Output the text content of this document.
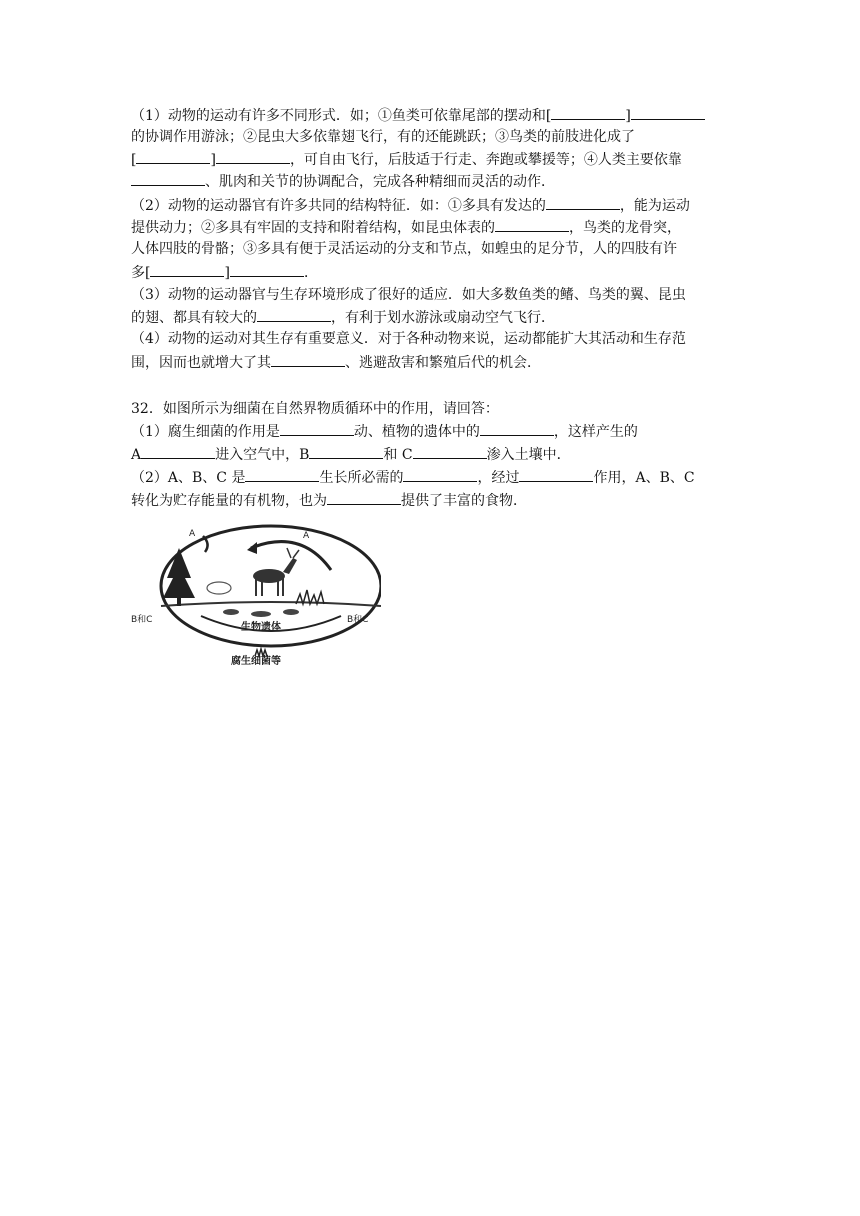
（1）动物的运动有许多不同形式．如；①鱼类可依靠尾部的摆动和[	]
的协调作用游泳；②昆虫大多依靠翅飞行，有的还能跳跃；③鸟类的前肢进化成了
[	]	，可自由飞行，后肢适于行走、奔跑或攀援等；④人类主要依靠
、肌肉和关节的协调配合，完成各种精细而灵活的动作．
（2）动物的运动器官有许多共同的结构特征．如：①多具有发达的	，能为运动
提供动力；②多具有牢固的支持和附着结构，如昆虫体表的	，鸟类的龙骨突，
人体四肢的骨骼；③多具有便于灵活运动的分支和节点，如蝗虫的足分节，人的四肢有许
多[	]	．
（3）动物的运动器官与生存环境形成了很好的适应．如大多数鱼类的鳍、鸟类的翼、昆虫
的翅、都具有较大的	，有利于划水游泳或扇动空气飞行．
（4）动物的运动对其生存有重要意义．对于各种动物来说，运动都能扩大其活动和生存范
围，因而也就增大了其	、逃避敌害和繁殖后代的机会．
32．如图所示为细菌在自然界物质循环中的作用，请回答：
（1）腐生细菌的作用是	动、植物的遗体中的	，这样产生的
A	进入空气中，B	和 C	渗入土壤中．
（2）A、B、C 是	生长所必需的	，经过	作用，A、B、C
转化为贮存能量的有机物，也为	提供了丰富的食物．
A	A
B和C	B和C
生物遗体
腐生细菌等
